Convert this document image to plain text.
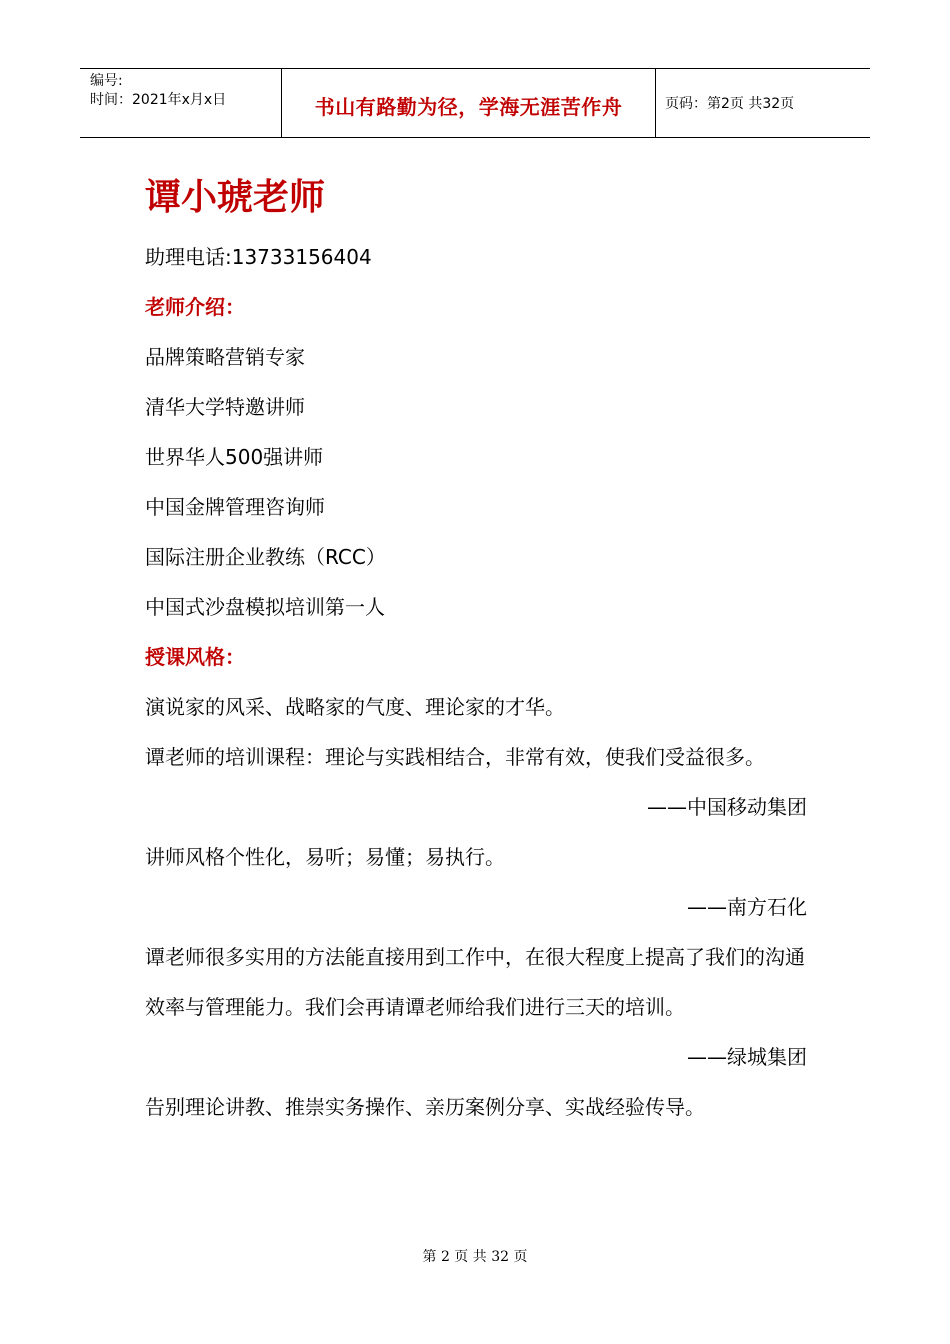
编号:
时间：2021年x月x日	书山有路勤为径，学海无涯苦作舟	页码：第2页 共32页

谭小琥老师

助理电话:13733156404

老师介绍：

品牌策略营销专家

清华大学特邀讲师

世界华人500强讲师

中国金牌管理咨询师

国际注册企业教练（RCC）

中国式沙盘模拟培训第一人

授课风格：

演说家的风采、战略家的气度、理论家的才华。

谭老师的培训课程：理论与实践相结合，非常有效，使我们受益很多。

——中国移动集团

讲师风格个性化，易听；易懂；易执行。

——南方石化

谭老师很多实用的方法能直接用到工作中，在很大程度上提高了我们的沟通效率与管理能力。我们会再请谭老师给我们进行三天的培训。

——绿城集团

告别理论讲教、推崇实务操作、亲历案例分享、实战经验传导。

第 2 页 共 32 页
